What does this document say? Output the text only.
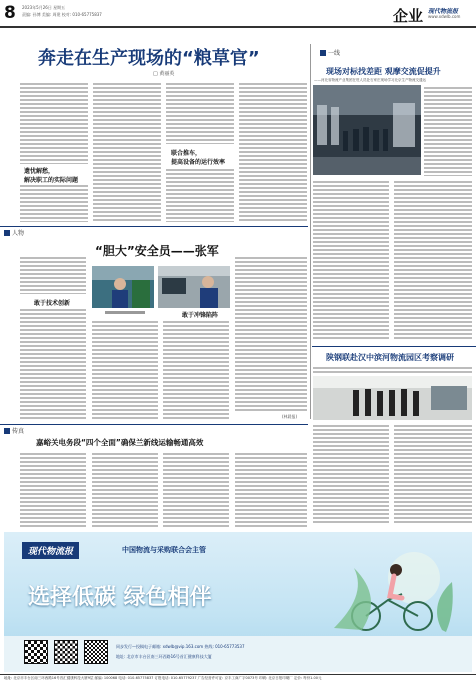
8 2023年5月26日 星期五
责编: 孙博 美编: 周建 校对: 010-65775837	企业 现代物流报
www.xdwlb.com
奔走在生产现场的“粮草官”
□ 黄丽英
遗忧解愁，
解决职工的实际问题
联合推车，
提高设备的运行效率
一线
现场对标找差距 观摩交流促提升
——河北省物流产业集团在驻人员赴石家庄现场学习北京生产物流交通运
人物
“胆大”安全员——张军
敢于技术创新
敢于冲锋陷阵
(林晨报)
陕钢联赴汉中滨河物流园区考察调研
传真
嘉峪关电务段“四个全面”确保兰新线运输畅通高效
现代物流报	中国物流与采购联合会主管
选择低碳 绿色相伴
同步发行—投稿电子邮箱: xdwlb@vip.163.com 热线: 010-65773537
地址: 北京市丰台区南三环西路16号首汇健康科技大厦
地址: 北京市丰台区南三环西路16号首汇健康科技大厦9层 邮编: 100068 电话: 010-65775837 订报电话: 010-65779237 广告经营许可证: 京丰工商广字0073号 印刷: 北京日报印刷厂 定价: 每份1.00元
